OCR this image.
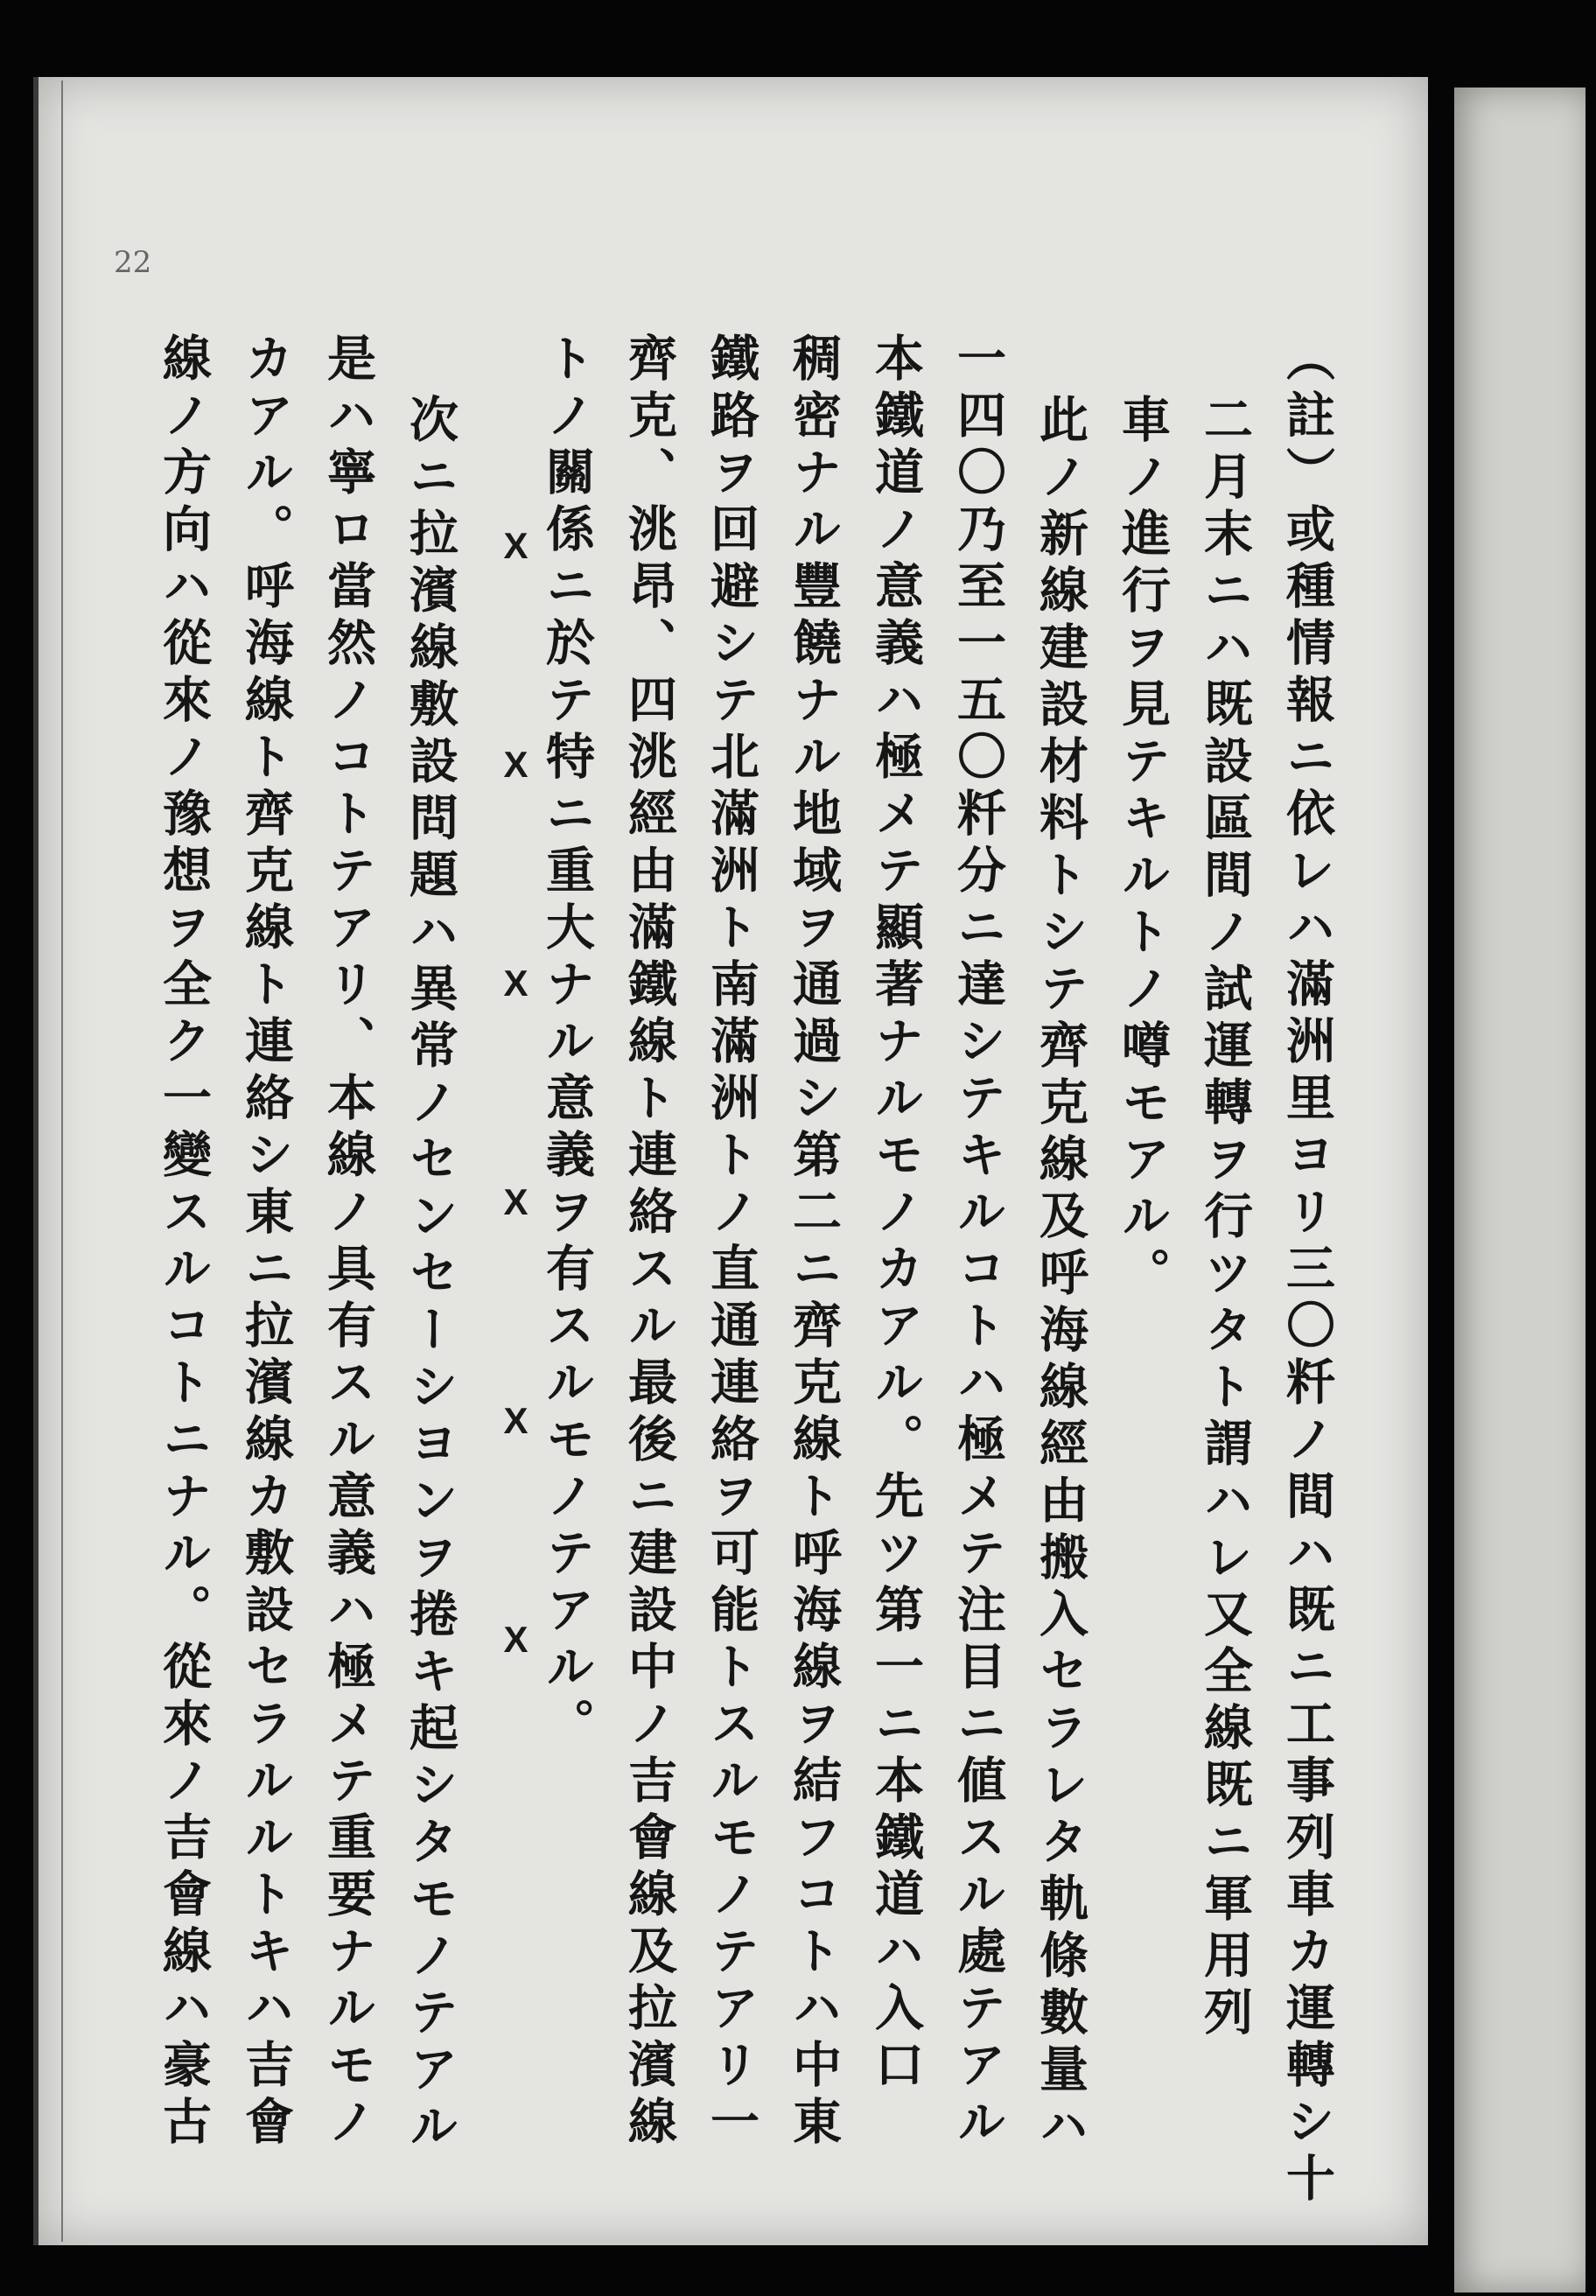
22
（註）或種情報ニ依レハ滿洲里ヨリ三〇粁ノ間ハ既ニ工事列車カ運轉シ十
二月末ニハ既設區間ノ試運轉ヲ行ツタト謂ハレ又全線既ニ軍用列
車ノ進行ヲ見テキルトノ噂モアル。
此ノ新線建設材料トシテ齊克線及呼海線經由搬入セラレタ軌條數量ハ
一四〇乃至一五〇粁分ニ達シテキルコトハ極メテ注目ニ値スル處テアル
本鐵道ノ意義ハ極メテ顯著ナルモノカアル。先ツ第一ニ本鐵道ハ入口
稠密ナル豐饒ナル地域ヲ通過シ第二ニ齊克線ト呼海線ヲ結フコトハ中東
鐵路ヲ回避シテ北滿洲ト南滿洲トノ直通連絡ヲ可能トスルモノテアリ一
齊克、洮昂、四洮經由滿鐵線ト連絡スル最後ニ建設中ノ吉會線及拉濱線
トノ關係ニ於テ特ニ重大ナル意義ヲ有スルモノテアル。
次ニ拉濱線敷設問題ハ異常ノセンセーシヨンヲ捲キ起シタモノテアル
是ハ寧ロ當然ノコトテアリ、本線ノ具有スル意義ハ極メテ重要ナルモノ
カアル。呼海線ト齊克線ト連絡シ東ニ拉濱線カ敷設セラルルトキハ吉會
線ノ方向ハ從來ノ豫想ヲ全ク一變スルコトニナル。從來ノ吉會線ハ豪古	X X X X X X
